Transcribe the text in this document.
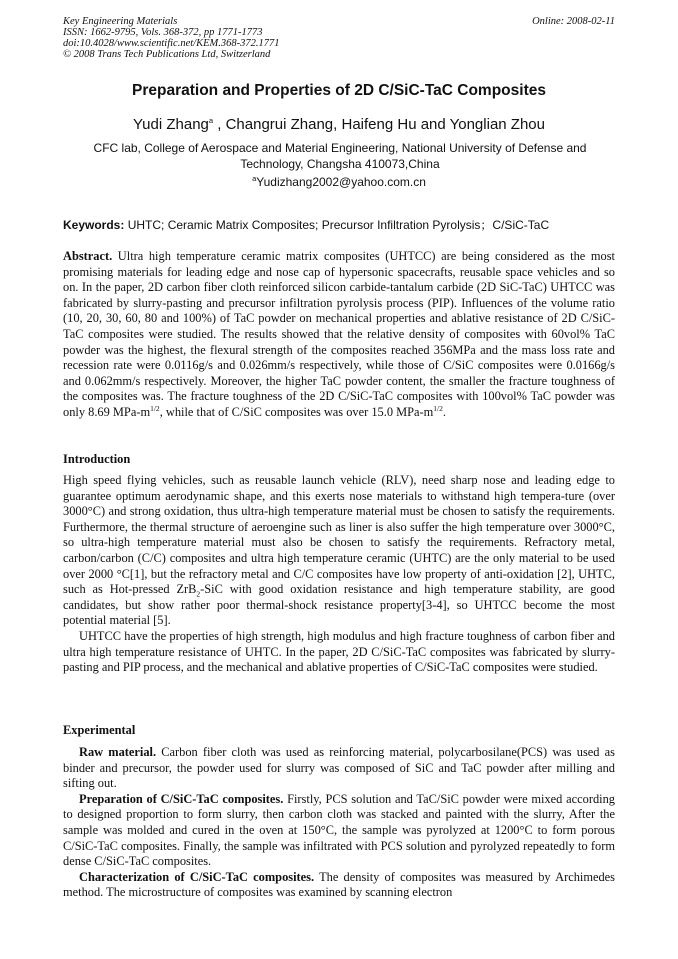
Key Engineering Materials
ISSN: 1662-9795, Vols. 368-372, pp 1771-1773
doi:10.4028/www.scientific.net/KEM.368-372.1771
© 2008 Trans Tech Publications Ltd, Switzerland
Online: 2008-02-11
Preparation and Properties of 2D C/SiC-TaC Composites
Yudi Zhang$^a$ , Changrui Zhang, Haifeng Hu and Yonglian Zhou
CFC lab, College of Aerospace and Material Engineering, National University of Defense and Technology, Changsha 410073,China
$^a$Yudizhang2002@yahoo.com.cn
Keywords: UHTC; Ceramic Matrix Composites; Precursor Infiltration Pyrolysis；C/SiC-TaC

Abstract. Ultra high temperature ceramic matrix composites (UHTCC) are being considered as the most promising materials for leading edge and nose cap of hypersonic spacecrafts, reusable space vehicles and so on. In the paper, 2D carbon fiber cloth reinforced silicon carbide-tantalum carbide (2D SiC-TaC) UHTCC was fabricated by slurry-pasting and precursor infiltration pyrolysis process (PIP). Influences of the volume ratio (10, 20, 30, 60, 80 and 100%) of TaC powder on mechanical properties and ablative resistance of 2D C/SiC-TaC composites were studied. The results showed that the relative density of composites with 60vol% TaC powder was the highest, the flexural strength of the composites reached 356MPa and the mass loss rate and recession rate were 0.0116g/s and 0.026mm/s respectively, while those of C/SiC composites were 0.0166g/s and 0.062mm/s respectively. Moreover, the higher TaC powder content, the smaller the fracture toughness of the composites was. The fracture toughness of the 2D C/SiC-TaC composites with 100vol% TaC powder was only 8.69 MPa-$m^{1/2}$, while that of C/SiC composites was over 15.0 MPa-$m^{1/2}$.

Introduction

High speed flying vehicles, such as reusable launch vehicle (RLV), need sharp nose and leading edge to guarantee optimum aerodynamic shape, and this exerts nose materials to withstand high tempera-ture (over 3000°C) and strong oxidation, thus ultra-high temperature material must be chosen to satisfy the requirements. Furthermore, the thermal structure of aeroengine such as liner is also suffer the high temperature over 3000°C, so ultra-high temperature material must also be chosen to satisfy the requirements. Refractory metal, carbon/carbon (C/C) composites and ultra high temperature ceramic (UHTC) are the only material to be used over 2000 °C[1], but the refractory metal and C/C composites have low property of anti-oxidation [2], UHTC, such as Hot-pressed ZrB$_2$-SiC with good oxidation resistance and high temperature stability, are good candidates, but show rather poor thermal-shock resistance property[3-4], so UHTCC become the most potential material [5].

UHTCC have the properties of high strength, high modulus and high fracture toughness of carbon fiber and ultra high temperature resistance of UHTC. In the paper, 2D C/SiC-TaC composites was fabricated by slurry-pasting and PIP process, and the mechanical and ablative properties of C/SiC-TaC composites were studied.

Experimental

Raw material. Carbon fiber cloth was used as reinforcing material, polycarbosilane(PCS) was used as binder and precursor, the powder used for slurry was composed of SiC and TaC powder after milling and sifting out.

Preparation of C/SiC-TaC composites. Firstly, PCS solution and TaC/SiC powder were mixed according to designed proportion to form slurry, then carbon cloth was stacked and painted with the slurry, After the sample was molded and cured in the oven at 150°C, the sample was pyrolyzed at 1200°C to form porous C/SiC-TaC composites. Finally, the sample was infiltrated with PCS solution and pyrolyzed repeatedly to form dense C/SiC-TaC composites.

Characterization of C/SiC-TaC composites. The density of composites was measured by Archimedes method. The microstructure of composites was examined by scanning electron
